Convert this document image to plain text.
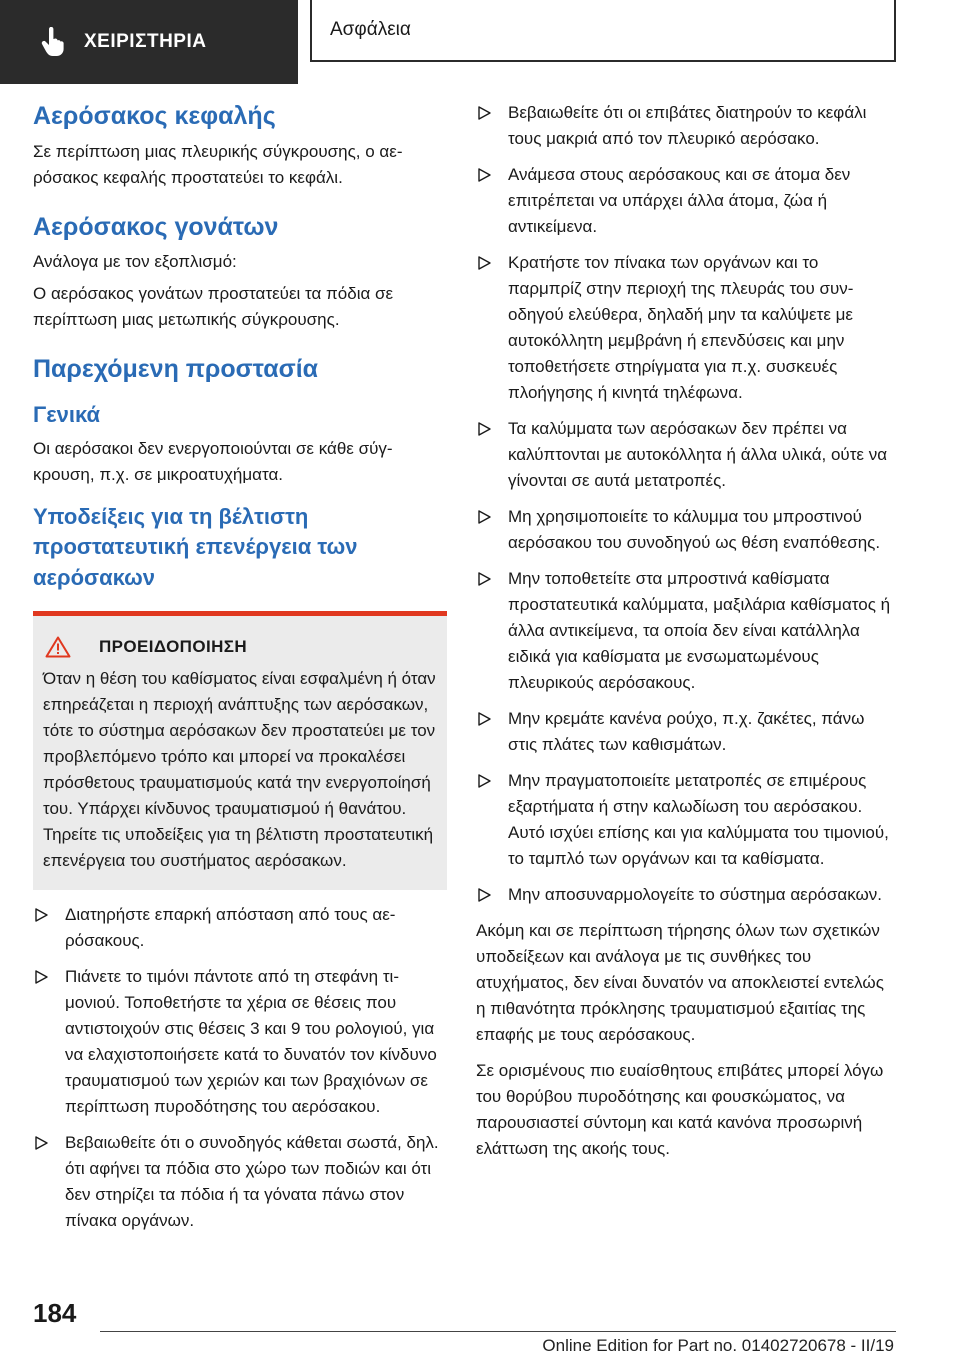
ΧΕΙΡΙΣΤΗΡΙΑ
Ασφάλεια
Αερόσακος κεφαλής

Σε περίπτωση μιας πλευρικής σύγκρουσης, ο αερόσακος κεφαλής προστατεύει το κεφάλι.

Αερόσακος γονάτων

Ανάλογα με τον εξοπλισμό:

Ο αερόσακος γονάτων προστατεύει τα πόδια σε περίπτωση μιας μετωπικής σύγκρουσης.

Παρεχόμενη προστασία
Γενικά

Οι αερόσακοι δεν ενεργοποιούνται σε κάθε σύγκρουση, π.χ. σε μικροατυχήματα.

Υποδείξεις για τη βέλτιστη προστατευτική επενέργεια των αερόσακων
ΠΡΟΕΙΔΟΠΟΙΗΣΗ

Όταν η θέση του καθίσματος είναι εσφαλμένη ή όταν επηρεάζεται η περιοχή ανάπτυξης των αερόσακων, τότε το σύστημα αερόσακων δεν προστατεύει με τον προβλεπόμενο τρόπο και μπορεί να προκαλέσει πρόσθετους τραυματισμούς κατά την ενεργοποίησή του. Υπάρχει κίνδυνος τραυματισμού ή θανάτου. Τηρείτε τις υποδείξεις για τη βέλτιστη προστατευτική επενέργεια του συστήματος αερόσακων.

Διατηρήστε επαρκή απόσταση από τους αερόσακους.
Πιάνετε το τιμόνι πάντοτε από τη στεφάνη τιμονιού. Τοποθετήστε τα χέρια σε θέσεις που αντιστοιχούν στις θέσεις 3 και 9 του ρολογιού, για να ελαχιστοποιήσετε κατά το δυνατόν τον κίνδυνο τραυματισμού των χεριών και των βραχιόνων σε περίπτωση πυροδότησης του αερόσακου.
Βεβαιωθείτε ότι ο συνοδηγός κάθεται σωστά, δηλ. ότι αφήνει τα πόδια στο χώρο των ποδιών και ότι δεν στηρίζει τα πόδια ή τα γόνατα πάνω στον πίνακα οργάνων.
Βεβαιωθείτε ότι οι επιβάτες διατηρούν το κεφάλι τους μακριά από τον πλευρικό αερόσακο.
Ανάμεσα στους αερόσακους και σε άτομα δεν επιτρέπεται να υπάρχει άλλα άτομα, ζώα ή αντικείμενα.
Κρατήστε τον πίνακα των οργάνων και το παρμπρίζ στην περιοχή της πλευράς του συνοδηγού ελεύθερα, δηλαδή μην τα καλύψετε με αυτοκόλλητη μεμβράνη ή επενδύσεις και μην τοποθετήσετε στηρίγματα για π.χ. συσκευές πλοήγησης ή κινητά τηλέφωνα.
Τα καλύμματα των αερόσακων δεν πρέπει να καλύπτονται με αυτοκόλλητα ή άλλα υλικά, ούτε να γίνονται σε αυτά μετατροπές.
Μη χρησιμοποιείτε το κάλυμμα του μπροστινού αερόσακου του συνοδηγού ως θέση εναπόθεσης.
Μην τοποθετείτε στα μπροστινά καθίσματα προστατευτικά καλύμματα, μαξιλάρια καθίσματος ή άλλα αντικείμενα, τα οποία δεν είναι κατάλληλα ειδικά για καθίσματα με ενσωματωμένους πλευρικούς αερόσακους.
Μην κρεμάτε κανένα ρούχο, π.χ. ζακέτες, πάνω στις πλάτες των καθισμάτων.
Μην πραγματοποιείτε μετατροπές σε επιμέρους εξαρτήματα ή στην καλωδίωση του αερόσακου. Αυτό ισχύει επίσης και για καλύμματα του τιμονιού, το ταμπλό των οργάνων και τα καθίσματα.
Μην αποσυναρμολογείτε το σύστημα αερόσακων.

Ακόμη και σε περίπτωση τήρησης όλων των σχετικών υποδείξεων και ανάλογα με τις συνθήκες του ατυχήματος, δεν είναι δυνατόν να αποκλειστεί εντελώς η πιθανότητα πρόκλησης τραυματισμού εξαιτίας της επαφής με τους αερόσακους.

Σε ορισμένους πιο ευαίσθητους επιβάτες μπορεί λόγω του θορύβου πυροδότησης και φουσκώματος, να παρουσιαστεί σύντομη και κατά κανόνα προσωρινή ελάττωση της ακοής τους.

184
Online Edition for Part no. 01402720678 - II/19
